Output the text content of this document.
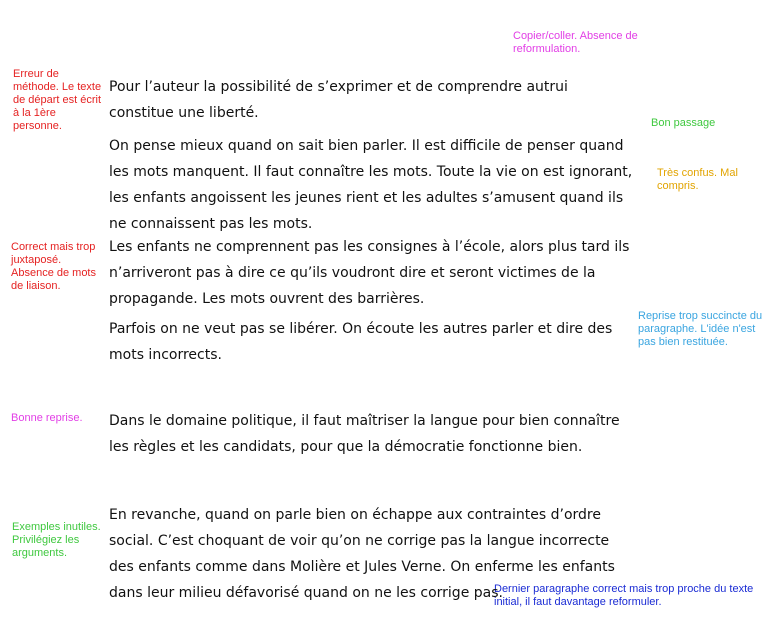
Copier/coller. Absence de reformulation.
Erreur de méthode. Le texte de départ est écrit à la 1ère personne.	Bon passage
Très confus. Mal compris.
Correct mais trop juxtaposé. Absence de mots de liaison.
Reprise trop succincte du paragraphe. L'idée n'est pas bien restituée.
Bonne reprise.
Exemples inutiles. Privilégiez les arguments.
Dernier paragraphe correct mais trop proche du texte initial, il faut davantage reformuler.
Pour l’auteur la possibilité de s’exprimer et de comprendre autrui constitue une liberté.
On pense mieux quand on sait bien parler. Il est difficile de penser quand les mots manquent. Il faut connaître les mots. Toute la vie on est ignorant, les enfants angoissent les jeunes rient et les adultes s’amusent quand ils ne connaissent pas les mots.
Les enfants ne comprennent pas les consignes à l’école, alors plus tard ils n’arriveront pas à dire ce qu’ils voudront dire et seront victimes de la propagande. Les mots ouvrent des barrières.
Parfois on ne veut pas se libérer. On écoute les autres parler et dire des mots incorrects.
Dans le domaine politique, il faut maîtriser la langue pour bien connaître les règles et les candidats, pour que la démocratie fonctionne bien.
En revanche, quand on parle bien on échappe aux contraintes d’ordre social. C’est choquant de voir qu’on ne corrige pas la langue incorrecte des enfants comme dans Molière et Jules Verne. On enferme les enfants dans leur milieu défavorisé quand on ne les corrige pas.
